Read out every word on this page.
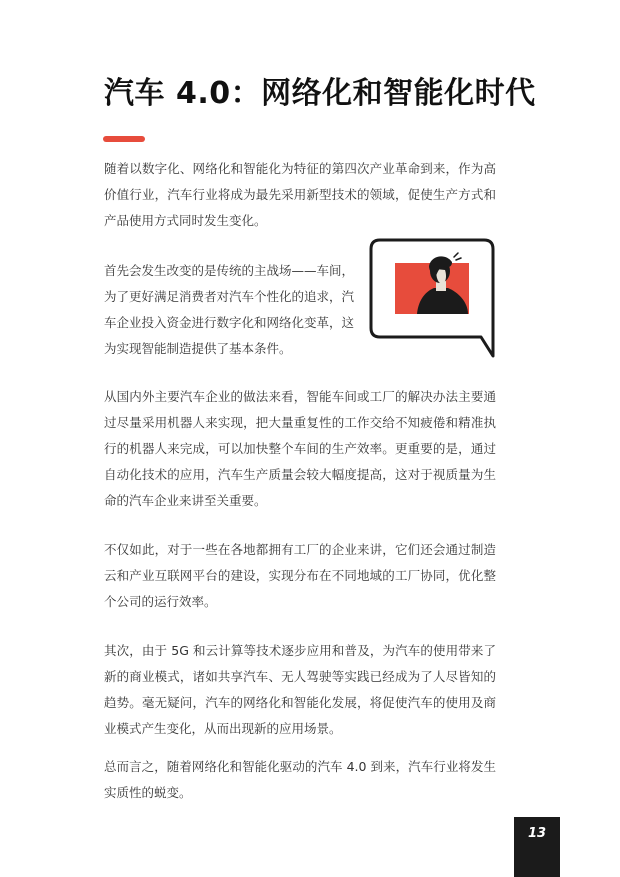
汽车 4.0：网络化和智能化时代

随着以数字化、网络化和智能化为特征的第四次产业革命到来，作为高价值行业，汽车行业将成为最先采用新型技术的领域，促使生产方式和产品使用方式同时发生变化。

首先会发生改变的是传统的主战场——车间，为了更好满足消费者对汽车个性化的追求，汽车企业投入资金进行数字化和网络化变革，这为实现智能制造提供了基本条件。

从国内外主要汽车企业的做法来看，智能车间或工厂的解决办法主要通过尽量采用机器人来实现，把大量重复性的工作交给不知疲倦和精准执行的机器人来完成，可以加快整个车间的生产效率。更重要的是，通过自动化技术的应用，汽车生产质量会较大幅度提高，这对于视质量为生命的汽车企业来讲至关重要。

不仅如此，对于一些在各地都拥有工厂的企业来讲，它们还会通过制造云和产业互联网平台的建设，实现分布在不同地域的工厂协同，优化整个公司的运行效率。

其次，由于 5G 和云计算等技术逐步应用和普及，为汽车的使用带来了新的商业模式，诸如共享汽车、无人驾驶等实践已经成为了人尽皆知的趋势。毫无疑问，汽车的网络化和智能化发展，将促使汽车的使用及商业模式产生变化，从而出现新的应用场景。

总而言之，随着网络化和智能化驱动的汽车 4.0 到来，汽车行业将发生实质性的蜕变。

13
